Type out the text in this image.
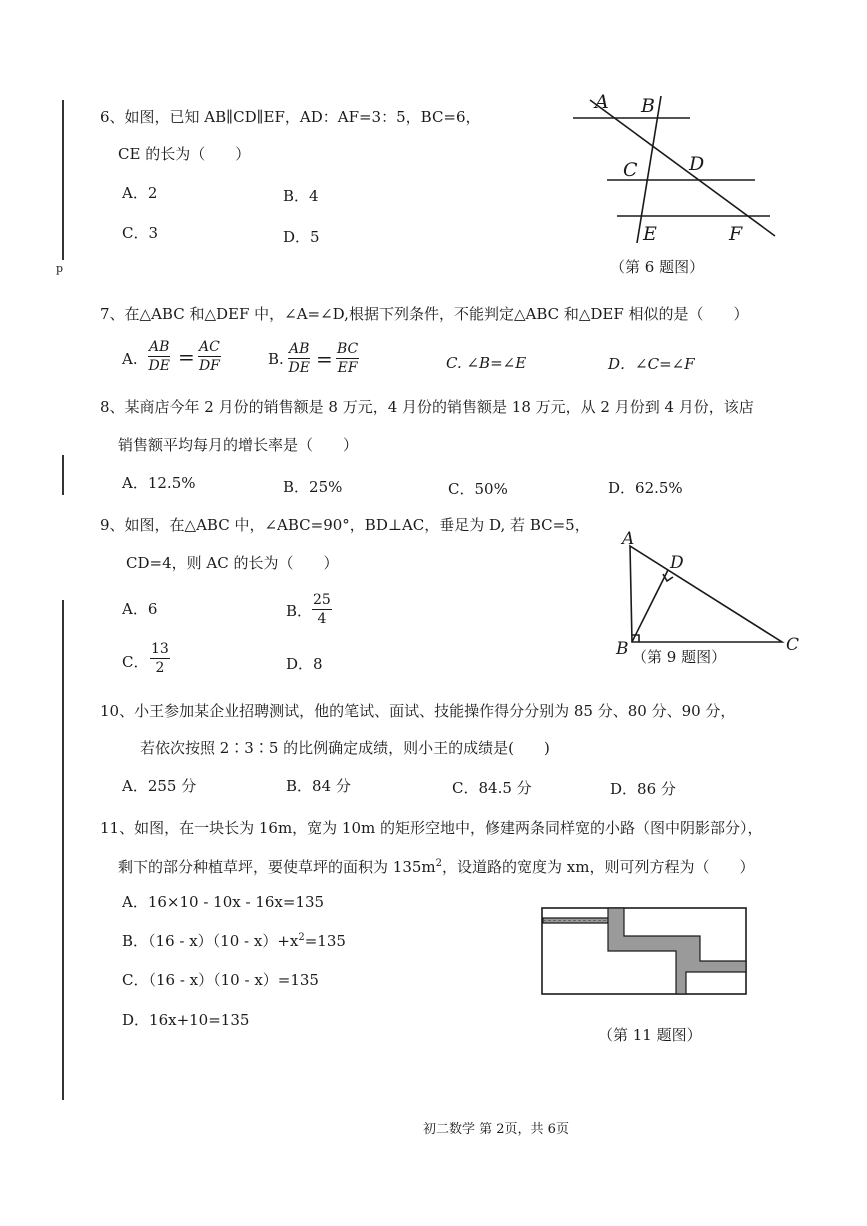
p
6、如图，已知 AB∥CD∥EF，AD：AF=3：5，BC=6，
CE 的长为（　　）
A．2	B．4
C．3	D．5
A B
C	D
E	F
（第 6 题图）
7、在△ABC 和△DEF 中，∠A=∠D,根据下列条件，不能判定△ABC 和△DEF 相似的是（　　）
A. $\frac{AB}{DE} = \frac{AC}{DF}$	B. $\frac{AB}{DE} = \frac{BC}{EF}$	C. ∠B=∠E	D．∠C=∠F
8、某商店今年 2 月份的销售额是 8 万元，4 月份的销售额是 18 万元，从 2 月份到 4 月份，该店
销售额平均每月的增长率是（　　）
A．12.5%	B．25%	C．50%	D．62.5%
9、如图，在△ABC 中，∠ABC=90°，BD⊥AC，垂足为 D, 若 BC=5，
CD=4，则 AC 的长为（　　）
A．6	B． $\frac{25}{4}$
C． $\frac{13}{2}$	D．8
A
D
B	C
（第 9 题图）
10、小王参加某企业招聘测试，他的笔试、面试、技能操作得分分别为 85 分、80 分、90 分，
若依次按照 2∶3∶5 的比例确定成绩，则小王的成绩是(　　)
A．255 分	B．84 分	C．84.5 分	D．86 分
11、如图，在一块长为 16m，宽为 10m 的矩形空地中，修建两条同样宽的小路（图中阴影部分），
剩下的部分种植草坪，要使草坪的面积为 $135m^2$，设道路的宽度为 xm，则可列方程为（　　）
A．16×10 - 10x - 16x=135
B．$(16 - x)(10 - x)+x^2=135$
C．（16 - x）（10 - x）=135
D．16x+10=135
（第 11 题图）
初二数学 第 2页，共 6页
